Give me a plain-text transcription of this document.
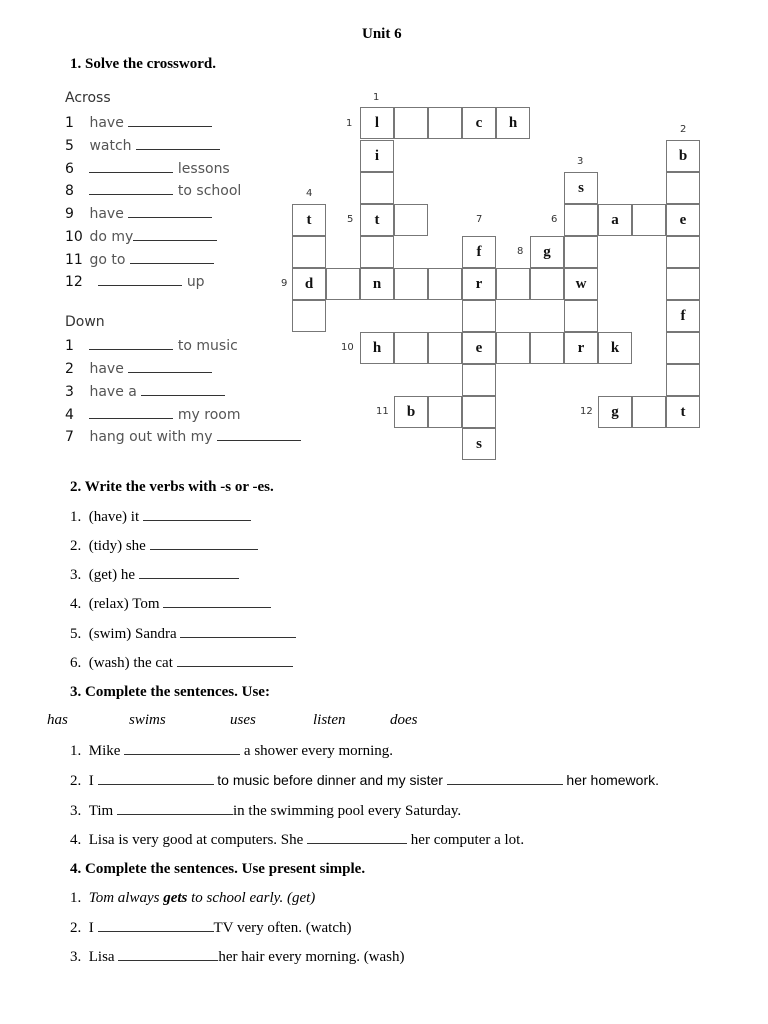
Unit 6
1. Solve the crossword.
Across
1 have
5 watch
6	lessons
8	to school
9 have
10 do my
11 go to
12	up
Down
1	to music
2 have
3 have a
4	my room
7 hang out with my
l	c	h
i	b
s
t	t	a	e
f	g
d	n	r	w
f
h	e	r	k
b	g	t
s
1
1
2
3
4
5	7	6
8
9
10
11	12
2. Write the verbs with -s or -es.
1. (have) it
2. (tidy) she
3. (get) he
4. (relax) Tom
5. (swim) Sandra
6. (wash) the cat
3. Complete the sentences. Use:
has	swims	uses	listen	does
1. Mike	a shower every morning.
2. I	to music before dinner and my sister	her homework.
3. Tim	in the swimming pool every Saturday.
4. Lisa is very good at computers. She	her computer a lot.
4. Complete the sentences. Use present simple.
1. Tom always gets to school early. (get)
2. I	TV very often. (watch)
3. Lisa	her hair every morning. (wash)
